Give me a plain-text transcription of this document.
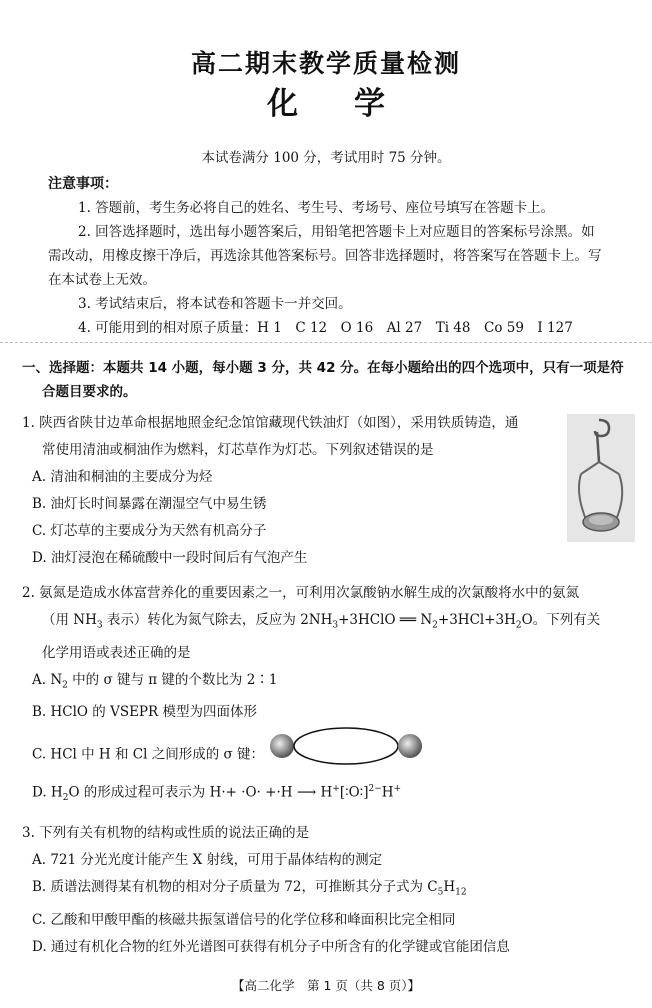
高二期末教学质量检测
化学
本试卷满分 100 分，考试用时 75 分钟。
注意事项：

1. 答题前，考生务必将自己的姓名、考生号、考场号、座位号填写在答题卡上。

2. 回答选择题时，选出每小题答案后，用铅笔把答题卡上对应题目的答案标号涂黑。如需改动，用橡皮擦干净后，再选涂其他答案标号。回答非选择题时，将答案写在答题卡上。写在本试卷上无效。

3. 考试结束后，将本试卷和答题卡一并交回。

4. 可能用到的相对原子质量：H 1　C 12　O 16　Al 27　Ti 48　Co 59　I 127

一、选择题：本题共 14 小题，每小题 3 分，共 42 分。在每小题给出的四个选项中，只有一项是符
合题目要求的。
1. 陕西省陕甘边革命根据地照金纪念馆馆藏现代铁油灯（如图），采用铁质铸造，通
常使用清油或桐油作为燃料，灯芯草作为灯芯。下列叙述错误的是
A. 清油和桐油的主要成分为烃
B. 油灯长时间暴露在潮湿空气中易生锈
C. 灯芯草的主要成分为天然有机高分子
D. 油灯浸泡在稀硫酸中一段时间后有气泡产生
2. 氨氮是造成水体富营养化的重要因素之一，可利用次氯酸钠水解生成的次氯酸将水中的氨氮
（用 $NH_3$ 表示）转化为氮气除去，反应为 $2NH_3+3HClO$ ══ $N_2+3HCl+3H_2O$。下列有关
化学用语或表述正确的是
A. $N_2$ 中的 σ 键与 π 键的个数比为 2∶1
B. HClO 的 VSEPR 模型为四面体形
C. HCl 中 H 和 Cl 之间形成的 σ 键：
D. $H_2O$ 的形成过程可表示为 H·+ ·O· +·H ⟶ H+[∶O∶]$^{2-}$H+
3. 下列有关有机物的结构或性质的说法正确的是
A. 721 分光光度计能产生 X 射线，可用于晶体结构的测定
B. 质谱法测得某有机物的相对分子质量为 72，可推断其分子式为 $C_5H_{12}$
C. 乙酸和甲酸甲酯的核磁共振氢谱信号的化学位移和峰面积比完全相同
D. 通过有机化合物的红外光谱图可获得有机分子中所含有的化学键或官能团信息
【高二化学　第 1 页（共 8 页）】
